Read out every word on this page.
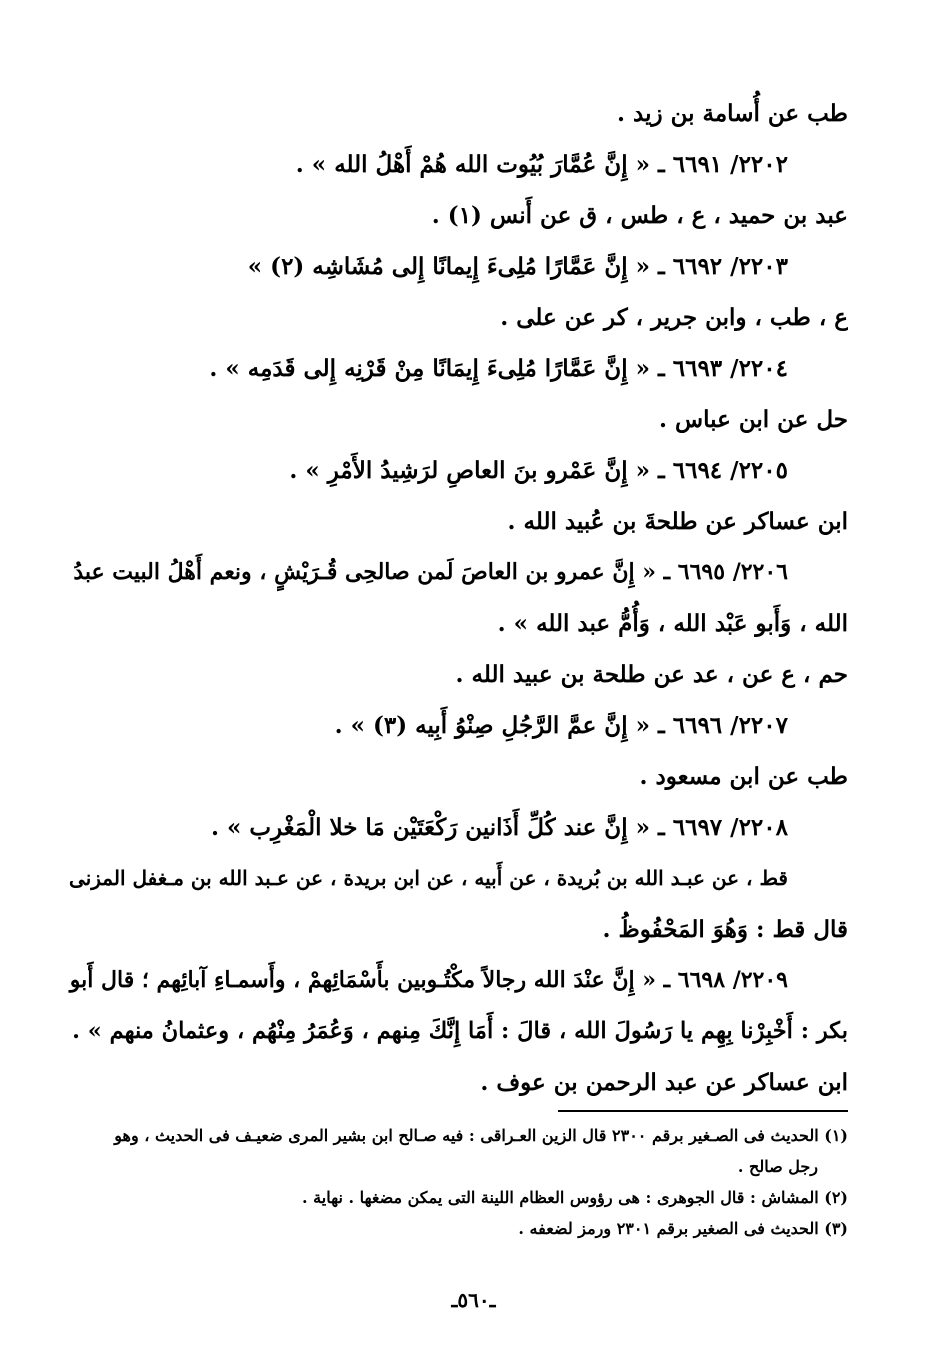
طب عن أُسامة بن زيد .
٢٢٠٢/ ٦٦٩١ ـ « إِنَّ عُمَّارَ بُيُوت الله هُمْ أَهْلُ الله » .
عبد بن حميد ، ع ، طس ، ق عن أَنس (١) .
٢٢٠٣/ ٦٦٩٢ ـ « إِنَّ عَمَّارًا مُلِىءَ إِيمانًا إِلى مُشَاشِه (٢) »
ع ، طب ، وابن جرير ، كر عن على .
٢٢٠٤/ ٦٦٩٣ ـ « إِنَّ عَمَّارًا مُلِىءَ إِيمَانًا مِنْ قَرْنِه إِلى قَدَمِه » .
حل عن ابن عباس .
٢٢٠٥/ ٦٦٩٤ ـ « إِنَّ عَمْرو بنَ العاصِ لرَشِيدُ الأَمْرِ » .
ابن عساكر عن طلحةَ بن عُبيد الله .
٢٢٠٦/ ٦٦٩٥ ـ « إِنَّ عمرو بن العاصَ لَمن صالحِى قُـرَيْشٍ ، ونعم أَهْلُ البيت عبدُ
الله ، وَأَبو عَبْد الله ، وَأُمُّ عبد الله » .
حم ، ع عن ، عد عن طلحة بن عبيد الله .
٢٢٠٧/ ٦٦٩٦ ـ « إِنَّ عمَّ الرَّجُلِ صِنْوُ أَبِيه (٣) » .
طب عن ابن مسعود .
٢٢٠٨/ ٦٦٩٧ ـ « إِنَّ عند كُلِّ أَذَانين رَكْعَتَيْن مَا خلا الْمَغْرِب » .
قط ، عن عبـد الله بن بُريدة ، عن أَبيه ، عن ابن بريدة ، عن عـبد الله بن مـغفل المزنى
قال قط : وَهُوَ المَحْفُوظُ .
٢٢٠٩/ ٦٦٩٨ ـ « إِنَّ عنْدَ الله رجالاً مكْتُـوبين بأَسْمَائِهمْ ، وأَسمـاءِ آبائِهم ؛ قال أَبو
بكر : أَخْبِرْنا بِهِم يا رَسُولَ الله ، قالَ : أَمَا إِنَّكَ مِنهم ، وَعُمَرُ مِنْهُم ، وعثمانُ منهم » .
ابن عساكر عن عبد الرحمن بن عوف .
(١) الحديث فى الصـغير برقم ٢٣٠٠ قال الزين العـراقى : فيه صـالح ابن بشير المرى ضعيـف فى الحديث ، وهو
رجل صالح .
(٢) المشاش : قال الجوهرى : هى رؤوس العظام اللينة التى يمكن مضغها . نهاية .
(٣) الحديث فى الصغير برقم ٢٣٠١ ورمز لضعفه .
ـ٥٦٠ـ
